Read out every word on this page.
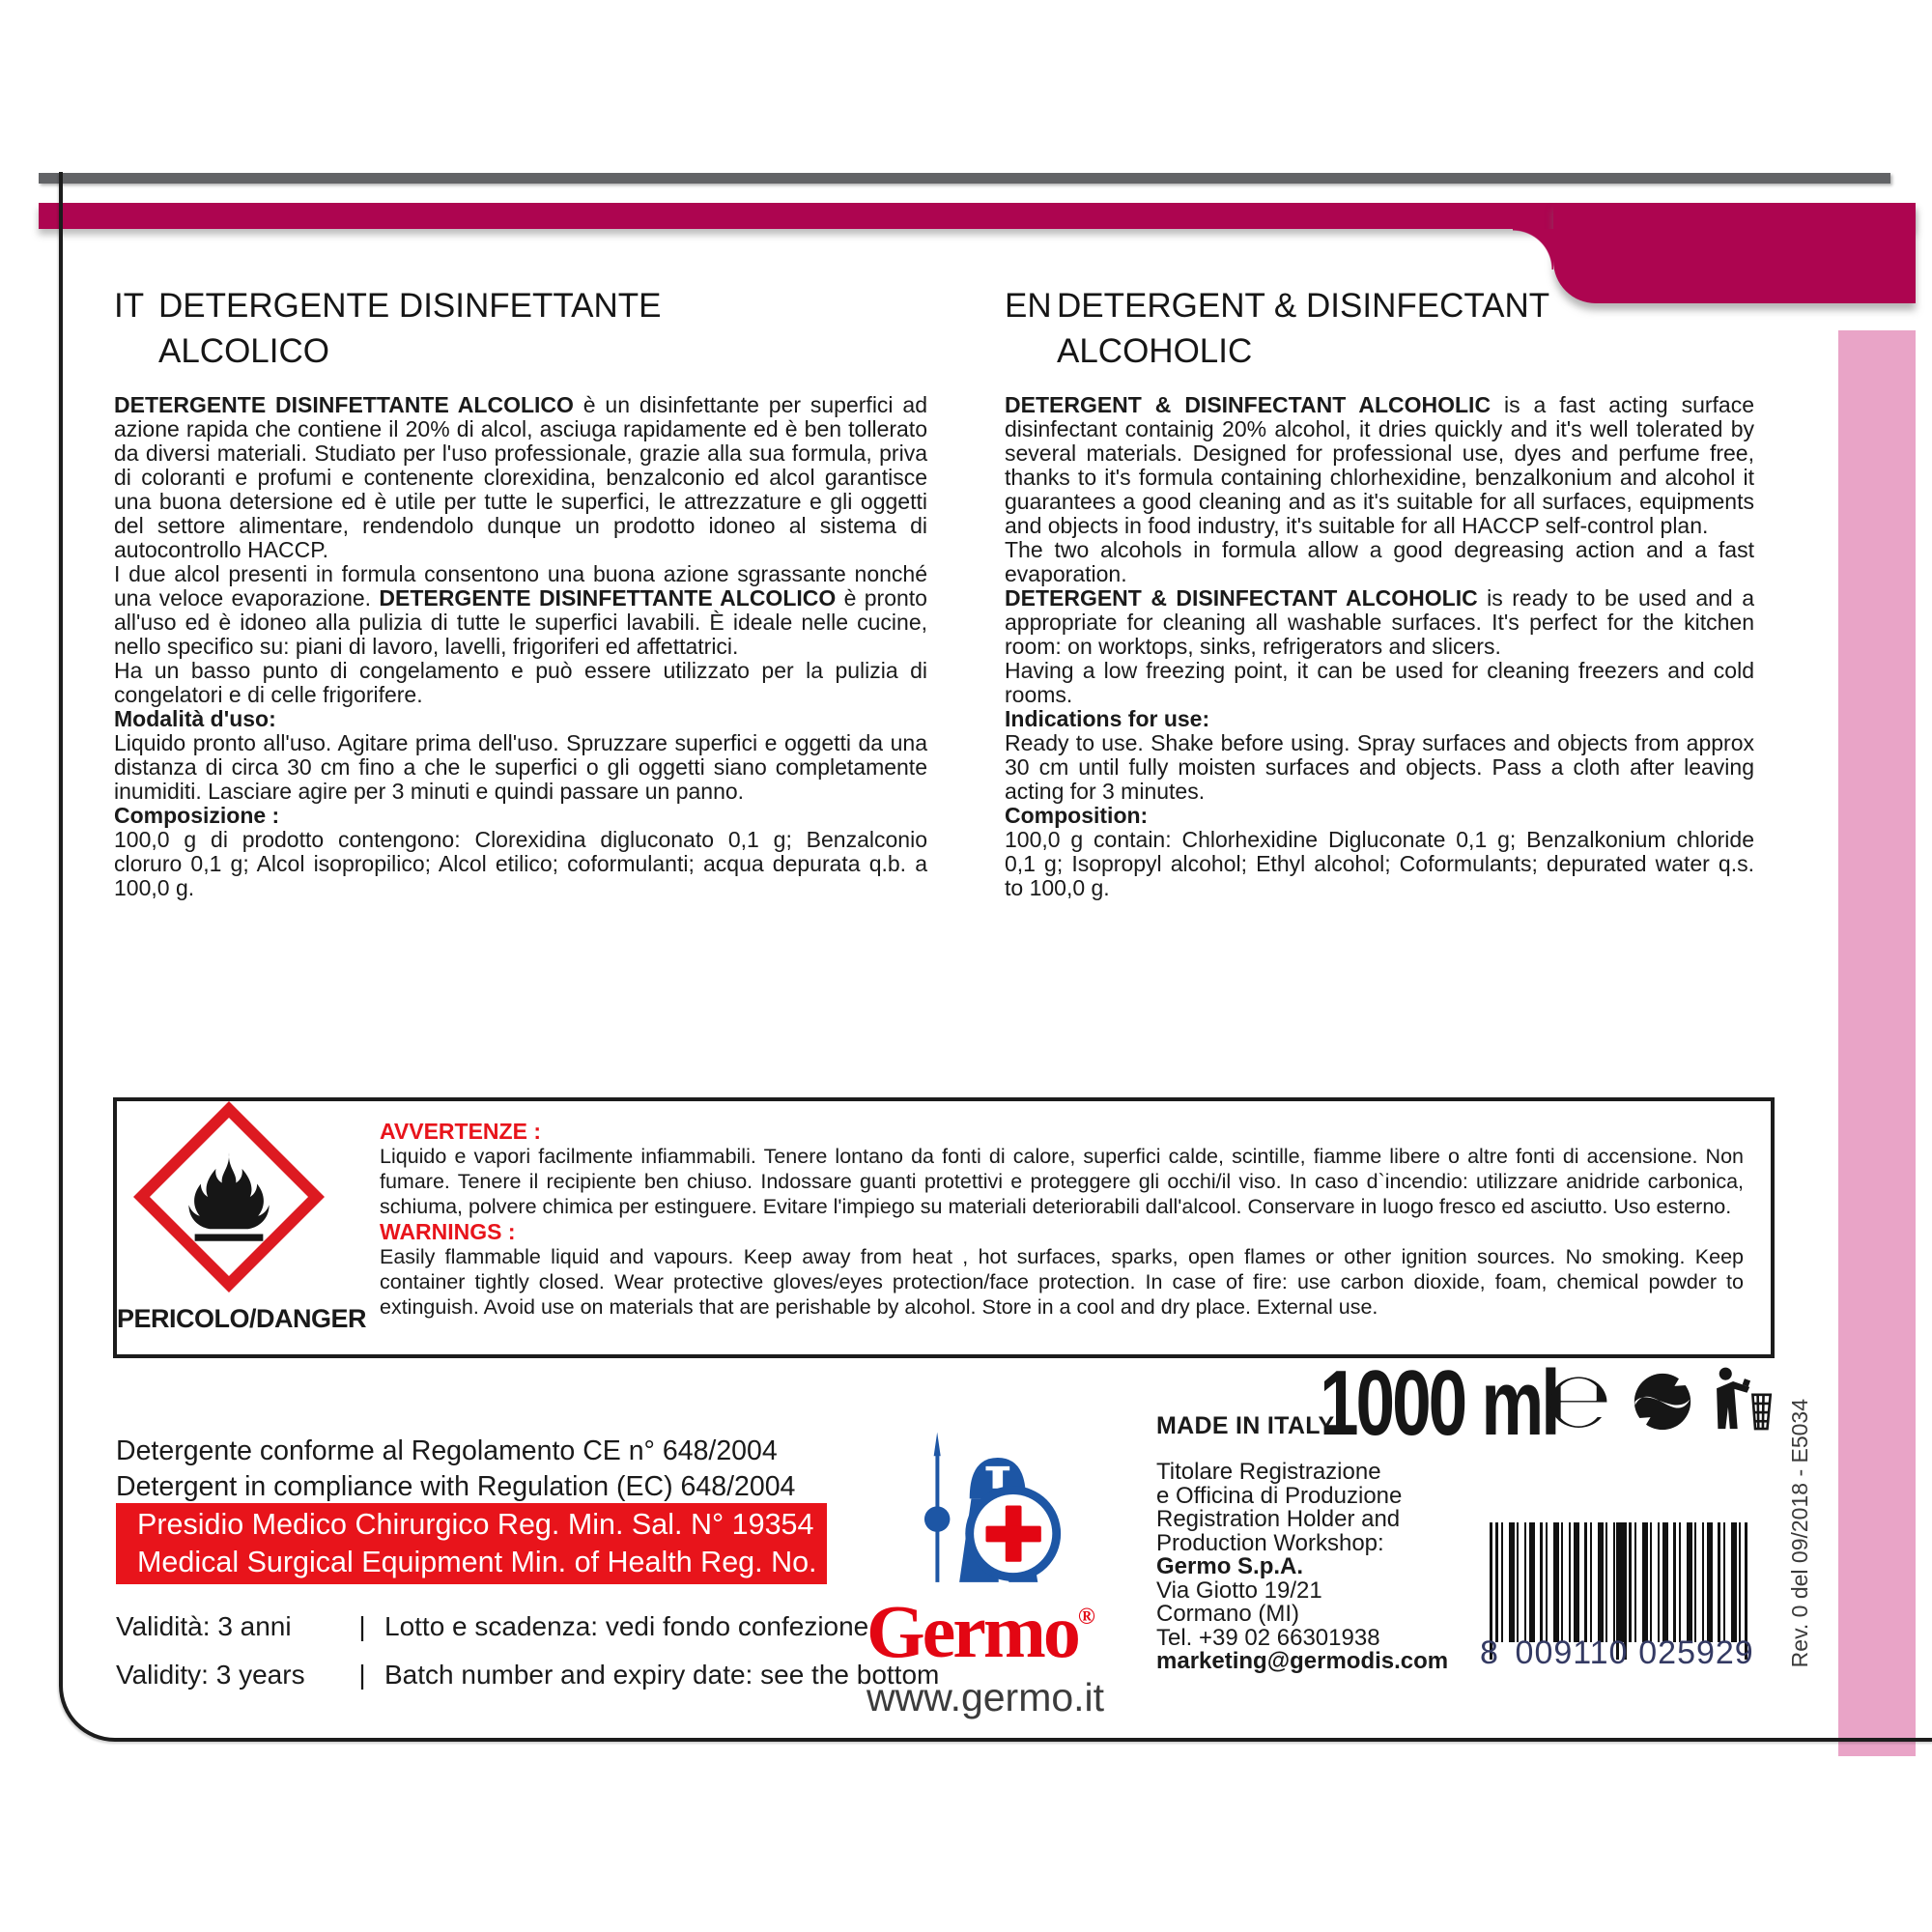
IT DETERGENTE DISINFETTANTE
ALCOLICO

DETERGENTE DISINFETTANTE ALCOLICO è un disinfettante per superfici ad azione rapida che contiene il 20% di alcol, asciuga rapidamente ed è ben tollerato da diversi materiali. Studiato per l'uso professionale, grazie alla sua formula, priva di coloranti e profumi e contenente clorexidina, benzalconio ed alcol garantisce una buona detersione ed è utile per tutte le superfici, le attrezzature e gli oggetti del settore alimentare, rendendolo dunque un prodotto idoneo al sistema di autocontrollo HACCP.

I due alcol presenti in formula consentono una buona azione sgrassante nonché una veloce evaporazione. DETERGENTE DISINFETTANTE ALCOLICO è pronto all'uso ed è idoneo alla pulizia di tutte le superfici lavabili. È ideale nelle cucine, nello specifico su: piani di lavoro, lavelli, frigoriferi ed affettatrici.

Ha un basso punto di congelamento e può essere utilizzato per la pulizia di congelatori e di celle frigorifere.

Modalità d'uso:

Liquido pronto all'uso. Agitare prima dell'uso. Spruzzare superfici e oggetti da una distanza di circa 30 cm fino a che le superfici o gli oggetti siano completamente inumiditi. Lasciare agire per 3 minuti e quindi passare un panno.

Composizione :

100,0 g di prodotto contengono: Clorexidina digluconato 0,1 g; Benzalconio cloruro 0,1 g; Alcol isopropilico; Alcol etilico; coformulanti; acqua depurata q.b. a 100,0 g.

EN DETERGENT & DISINFECTANT
ALCOHOLIC

DETERGENT & DISINFECTANT ALCOHOLIC is a fast acting surface disinfectant containig 20% alcohol, it dries quickly and it's well tolerated by several materials. Designed for professional use, dyes and perfume free, thanks to it's formula containing chlorhexidine, benzalkonium and alcohol it guarantees a good cleaning and as it's suitable for all surfaces, equipments and objects in food industry, it's suitable for all HACCP self-control plan.

The two alcohols in formula allow a good degreasing action and a fast evaporation.

DETERGENT & DISINFECTANT ALCOHOLIC is ready to be used and a appropriate for cleaning all washable surfaces. It's perfect for the kitchen room: on worktops, sinks, refrigerators and slicers.

Having a low freezing point, it can be used for cleaning freezers and cold rooms.

Indications for use:

Ready to use. Shake before using. Spray surfaces and objects from approx 30 cm until fully moisten surfaces and objects. Pass a cloth after leaving acting for 3 minutes.

Composition:

100,0 g contain: Chlorhexidine Digluconate 0,1 g; Benzalkonium chloride 0,1 g; Isopropyl alcohol; Ethyl alcohol; Coformulants; depurated water q.s. to 100,0 g.

PERICOLO/DANGER

AVVERTENZE :

Liquido e vapori facilmente infiammabili. Tenere lontano da fonti di calore, superfici calde, scintille, fiamme libere o altre fonti di accensione. Non fumare. Tenere il recipiente ben chiuso. Indossare guanti protettivi e proteggere gli occhi/il viso. In caso d`incendio: utilizzare anidride carbonica, schiuma, polvere chimica per estinguere. Evitare l'impiego su materiali deteriorabili dall'alcool. Conservare in luogo fresco ed asciutto. Uso esterno.

WARNINGS :

Easily flammable liquid and vapours. Keep away from heat , hot surfaces, sparks, open flames or other ignition sources. No smoking. Keep container tightly closed. Wear protective gloves/eyes protection/face protection. In case of fire: use carbon dioxide, foam, chemical powder to extinguish. Avoid use on materials that are perishable by alcohol. Store in a cool and dry place. External use.

Detergente conforme al Regolamento CE n° 648/2004
Detergent in compliance with Regulation (EC) 648/2004
Presidio Medico Chirurgico Reg. Min. Sal. N° 19354
Medical Surgical Equipment Min. of Health Reg. No. 19354
Validità: 3 anni	| Lotto e scadenza: vedi fondo confezione
Validity: 3 years	| Batch number and expiry date: see the bottom
Germo®
www.germo.it
MADE IN ITALY
Titolare Registrazione
e Officina di Produzione
Registration Holder and
Production Workshop:
Germo S.p.A.
Via Giotto 19/21
Cormano (MI)
Tel. +39 02 66301938
marketing@germodis.com
1000 ml
℮
8 009110 025929 Rev. 0 del 09/2018 - E5034
